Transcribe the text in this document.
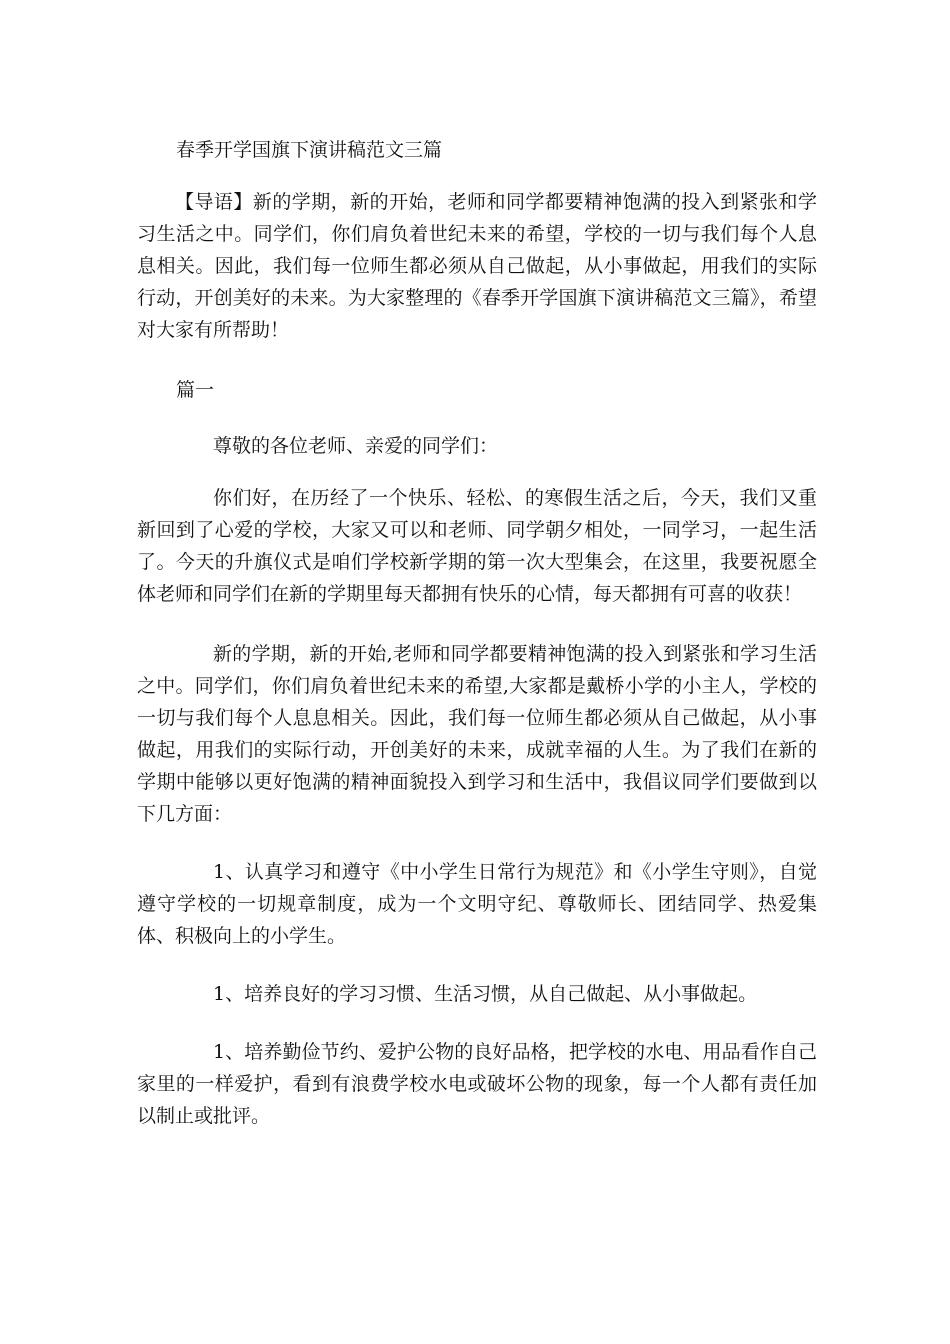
春季开学国旗下演讲稿范文三篇

【导语】新的学期，新的开始，老师和同学都要精神饱满的投入到紧张和学习生活之中。同学们，你们肩负着世纪未来的希望，学校的一切与我们每个人息息相关。因此，我们每一位师生都必须从自己做起，从小事做起，用我们的实际行动，开创美好的未来。为大家整理的《春季开学国旗下演讲稿范文三篇》，希望对大家有所帮助！

篇一
尊敬的各位老师、亲爱的同学们：

你们好，在历经了一个快乐、轻松、的寒假生活之后，今天，我们又重新回到了心爱的学校，大家又可以和老师、同学朝夕相处，一同学习，一起生活了。今天的升旗仪式是咱们学校新学期的第一次大型集会，在这里，我要祝愿全体老师和同学们在新的学期里每天都拥有快乐的心情，每天都拥有可喜的收获！

新的学期，新的开始,老师和同学都要精神饱满的投入到紧张和学习生活之中。同学们，你们肩负着世纪未来的希望,大家都是戴桥小学的小主人，学校的一切与我们每个人息息相关。因此，我们每一位师生都必须从自己做起，从小事做起，用我们的实际行动，开创美好的未来，成就幸福的人生。为了我们在新的学期中能够以更好饱满的精神面貌投入到学习和生活中，我倡议同学们要做到以下几方面：

1、认真学习和遵守《中小学生日常行为规范》和《小学生守则》，自觉遵守学校的一切规章制度，成为一个文明守纪、尊敬师长、团结同学、热爱集体、积极向上的小学生。

1、培养良好的学习习惯、生活习惯，从自己做起、从小事做起。

1、培养勤俭节约、爱护公物的良好品格，把学校的水电、用品看作自己家里的一样爱护，看到有浪费学校水电或破坏公物的现象，每一个人都有责任加以制止或批评。
